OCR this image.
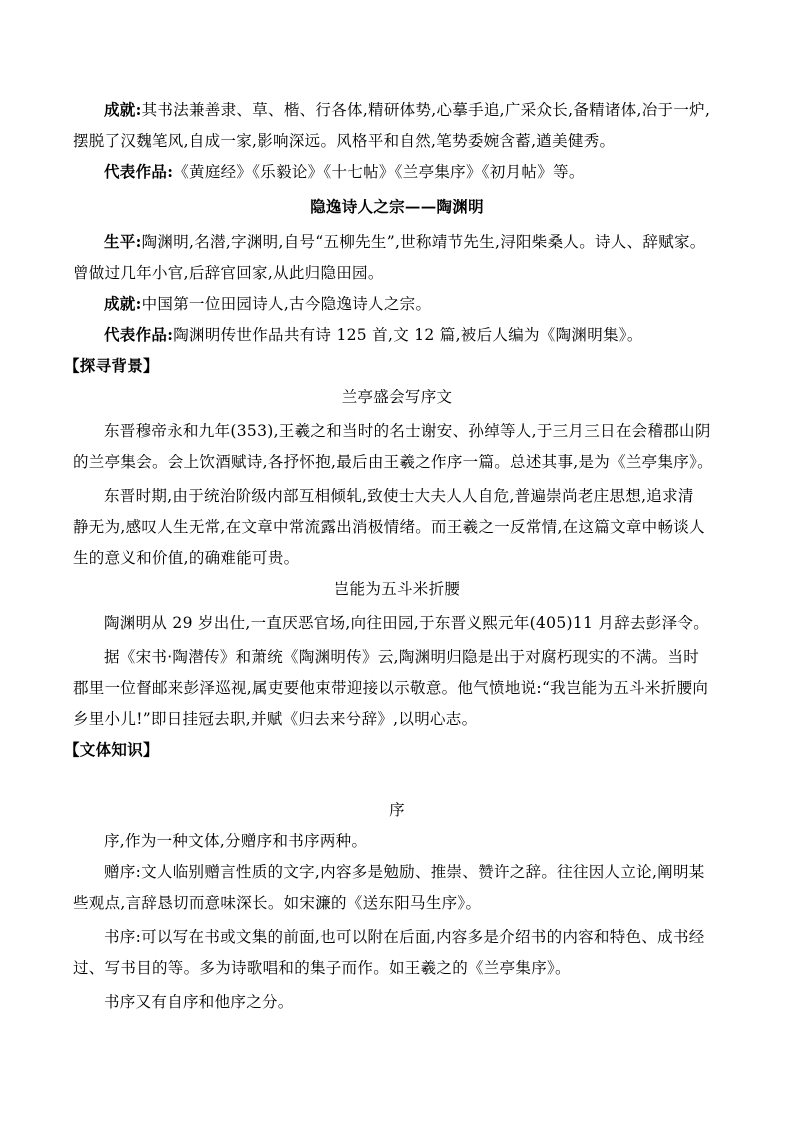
成就:其书法兼善隶、草、楷、行各体,精研体势,心摹手追,广采众长,备精诸体,冶于一炉,
摆脱了汉魏笔风,自成一家,影响深远。风格平和自然,笔势委婉含蓄,遒美健秀。
代表作品:《黄庭经》《乐毅论》《十七帖》《兰亭集序》《初月帖》等。
隐逸诗人之宗——陶渊明
生平:陶渊明,名潜,字渊明,自号“五柳先生”,世称靖节先生,浔阳柴桑人。诗人、辞赋家。
曾做过几年小官,后辞官回家,从此归隐田园。
成就:中国第一位田园诗人,古今隐逸诗人之宗。
代表作品:陶渊明传世作品共有诗 125 首,文 12 篇,被后人编为《陶渊明集》。
【探寻背景】
兰亭盛会写序文
东晋穆帝永和九年(353),王羲之和当时的名士谢安、孙绰等人,于三月三日在会稽郡山阴
的兰亭集会。会上饮酒赋诗,各抒怀抱,最后由王羲之作序一篇。总述其事,是为《兰亭集序》。
东晋时期,由于统治阶级内部互相倾轧,致使士大夫人人自危,普遍崇尚老庄思想,追求清
静无为,感叹人生无常,在文章中常流露出消极情绪。而王羲之一反常情,在这篇文章中畅谈人
生的意义和价值,的确难能可贵。
岂能为五斗米折腰
陶渊明从 29 岁出仕,一直厌恶官场,向往田园,于东晋义熙元年(405)11 月辞去彭泽令。
据《宋书·陶潜传》和萧统《陶渊明传》云,陶渊明归隐是出于对腐朽现实的不满。当时
郡里一位督邮来彭泽巡视,属吏要他束带迎接以示敬意。他气愤地说:“我岂能为五斗米折腰向
乡里小儿!”即日挂冠去职,并赋《归去来兮辞》,以明心志。
【文体知识】
序
序,作为一种文体,分赠序和书序两种。
赠序:文人临别赠言性质的文字,内容多是勉励、推崇、赞许之辞。往往因人立论,阐明某
些观点,言辞恳切而意味深长。如宋濂的《送东阳马生序》。
书序:可以写在书或文集的前面,也可以附在后面,内容多是介绍书的内容和特色、成书经
过、写书目的等。多为诗歌唱和的集子而作。如王羲之的《兰亭集序》。
书序又有自序和他序之分。
